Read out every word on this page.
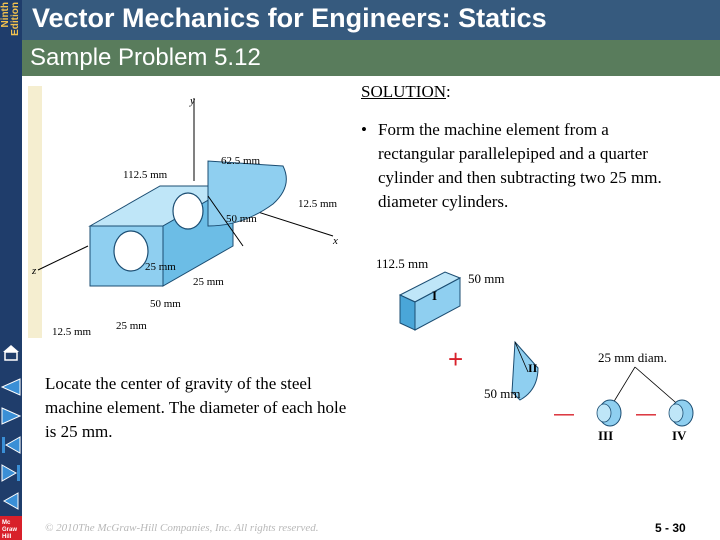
Ninth Edition Vector Mechanics for Engineers: Statics
Sample Problem 5.12
y
x
z
62.5 mm
112.5 mm
12.5 mm
50 mm
25 mm
25 mm
50 mm
25 mm
12.5 mm
SOLUTION:
• Form the machine element from a rectangular parallelepiped and a quarter cylinder and then subtracting two 25 mm. diameter cylinders.
I
112.5 mm
50 mm
+	II
50 mm
—	—
25 mm diam.
III	IV
Locate the center of gravity of the steel machine element. The diameter of each hole is 25 mm.
Mc
Graw
Hill
© 2010The McGraw-Hill Companies, Inc. All rights reserved.	5 - 30
